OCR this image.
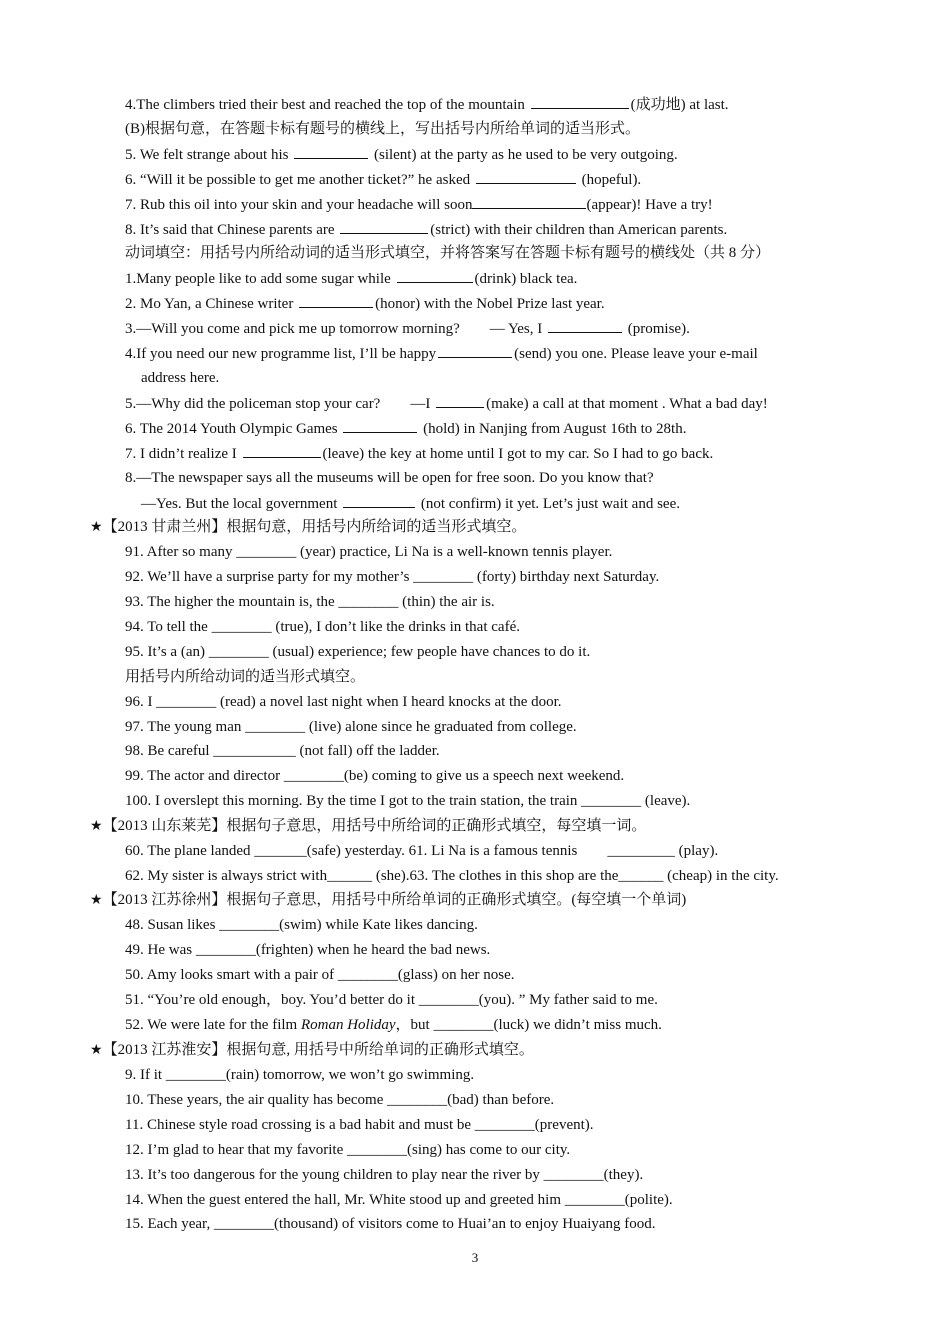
4.The climbers tried their best and reached the top of the mountain	(成功地) at last.
(B)根据句意，在答题卡标有题号的横线上，写出括号内所给单词的适当形式。
5. We felt strange about his	(silent) at the party as he used to be very outgoing.
6. “Will it be possible to get me another ticket?” he asked	(hopeful).
7. Rub this oil into your skin and your headache will soon	(appear)! Have a try!
8. It’s said that Chinese parents are	(strict) with their children than American parents.
动词填空：用括号内所给动词的适当形式填空，并将答案写在答题卡标有题号的横线处（共 8 分）
1.Many people like to add some sugar while	(drink) black tea.
2. Mo Yan, a Chinese writer	(honor) with the Nobel Prize last year.
3.—Will you come and pick me up tomorrow morning?　　— Yes, I	(promise).
4.If you need our new programme list, I’ll be happy	(send) you one. Please leave your e-mail
address here.
5.—Why did the policeman stop your car?　　—I	(make) a call at that moment . What a bad day!
6. The 2014 Youth Olympic Games	(hold) in Nanjing from August 16th to 28th.
7. I didn’t realize I	(leave) the key at home until I got to my car. So I had to go back.
8.—The newspaper says all the museums will be open for free soon. Do you know that?
—Yes. But the local government	(not confirm) it yet. Let’s just wait and see.
★【2013 甘肃兰州】根据句意，用括号内所给词的适当形式填空。
91. After so many ________ (year) practice, Li Na is a well-known tennis player.
92. We’ll have a surprise party for my mother’s ________ (forty) birthday next Saturday.
93. The higher the mountain is, the ________ (thin) the air is.
94. To tell the ________ (true), I don’t like the drinks in that café.
95. It’s a (an) ________ (usual) experience; few people have chances to do it.
用括号内所给动词的适当形式填空。
96. I ________ (read) a novel last night when I heard knocks at the door.
97. The young man ________ (live) alone since he graduated from college.
98. Be careful ___________ (not fall) off the ladder.
99. The actor and director ________(be) coming to give us a speech next weekend.
100. I overslept this morning. By the time I got to the train station, the train ________ (leave).
★【2013 山东莱芜】根据句子意思，用括号中所给词的正确形式填空，每空填一词。
60. The plane landed _______(safe) yesterday. 61. Li Na is a famous tennis　　_________ (play).
62. My sister is always strict with______ (she).63. The clothes in this shop are the______ (cheap) in the city.
★【2013 江苏徐州】根据句子意思，用括号中所给单词的正确形式填空。(每空填一个单词)
48. Susan likes ________(swim) while Kate likes dancing.
49. He was ________(frighten) when he heard the bad news.
50. Amy looks smart with a pair of ________(glass) on her nose.
51. “You’re old enough，boy. You’d better do it ________(you). ” My father said to me.
52. We were late for the film Roman Holiday，but ________(luck) we didn’t miss much.
★【2013 江苏淮安】根据句意, 用括号中所给单词的正确形式填空。
9. If it ________(rain) tomorrow, we won’t go swimming.
10. These years, the air quality has become ________(bad) than before.
11. Chinese style road crossing is a bad habit and must be ________(prevent).
12. I’m glad to hear that my favorite ________(sing) has come to our city.
13. It’s too dangerous for the young children to play near the river by ________(they).
14. When the guest entered the hall, Mr. White stood up and greeted him ________(polite).
15. Each year, ________(thousand) of visitors come to Huai’an to enjoy Huaiyang food.
3
